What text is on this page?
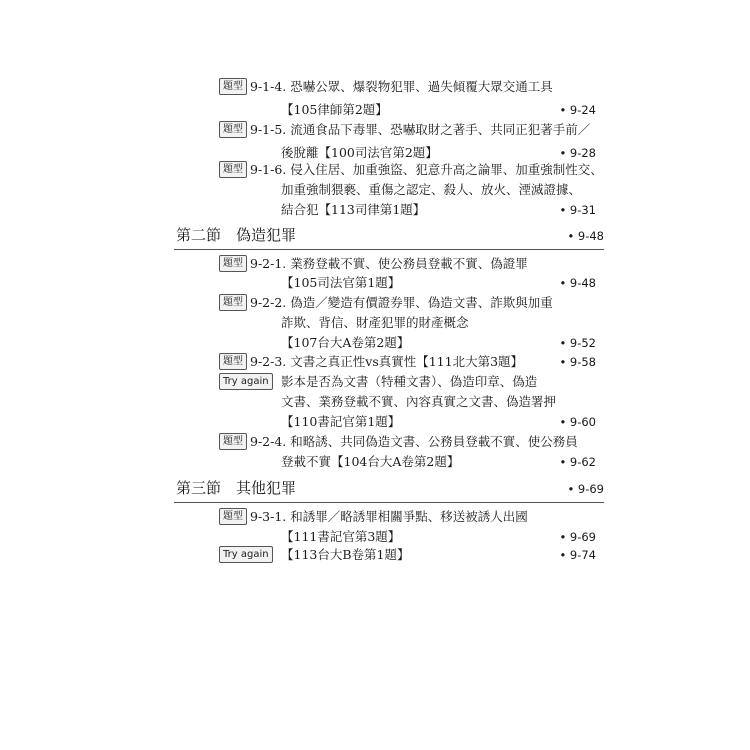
題型 9-1-4. 恐嚇公眾、爆裂物犯罪、過失傾覆大眾交通工具
【105律師第2題】	• 9-24
題型 9-1-5. 流通食品下毒罪、恐嚇取財之著手、共同正犯著手前／
後脫離【100司法官第2題】	• 9-28
題型 9-1-6. 侵入住居、加重強盜、犯意升高之論罪、加重強制性交、
加重強制猥褻、重傷之認定、殺人、放火、湮滅證據、
結合犯【113司律第1題】	• 9-31
第二節　偽造犯罪	• 9-48
題型 9-2-1. 業務登載不實、使公務員登載不實、偽證罪
【105司法官第1題】	• 9-48
題型 9-2-2. 偽造／變造有價證券罪、偽造文書、詐欺與加重
詐欺、背信、財產犯罪的財產概念
【107台大A卷第2題】	• 9-52
題型 9-2-3. 文書之真正性vs真實性【111北大第3題】	• 9-58
Try again 影本是否為文書（特種文書）、偽造印章、偽造
文書、業務登載不實、內容真實之文書、偽造署押
【110書記官第1題】	• 9-60
題型 9-2-4. 和略誘、共同偽造文書、公務員登載不實、使公務員
登載不實【104台大A卷第2題】	• 9-62
第三節　其他犯罪	• 9-69
題型 9-3-1. 和誘罪／略誘罪相關爭點、移送被誘人出國
【111書記官第3題】	• 9-69
Try again 【113台大B卷第1題】	• 9-74
